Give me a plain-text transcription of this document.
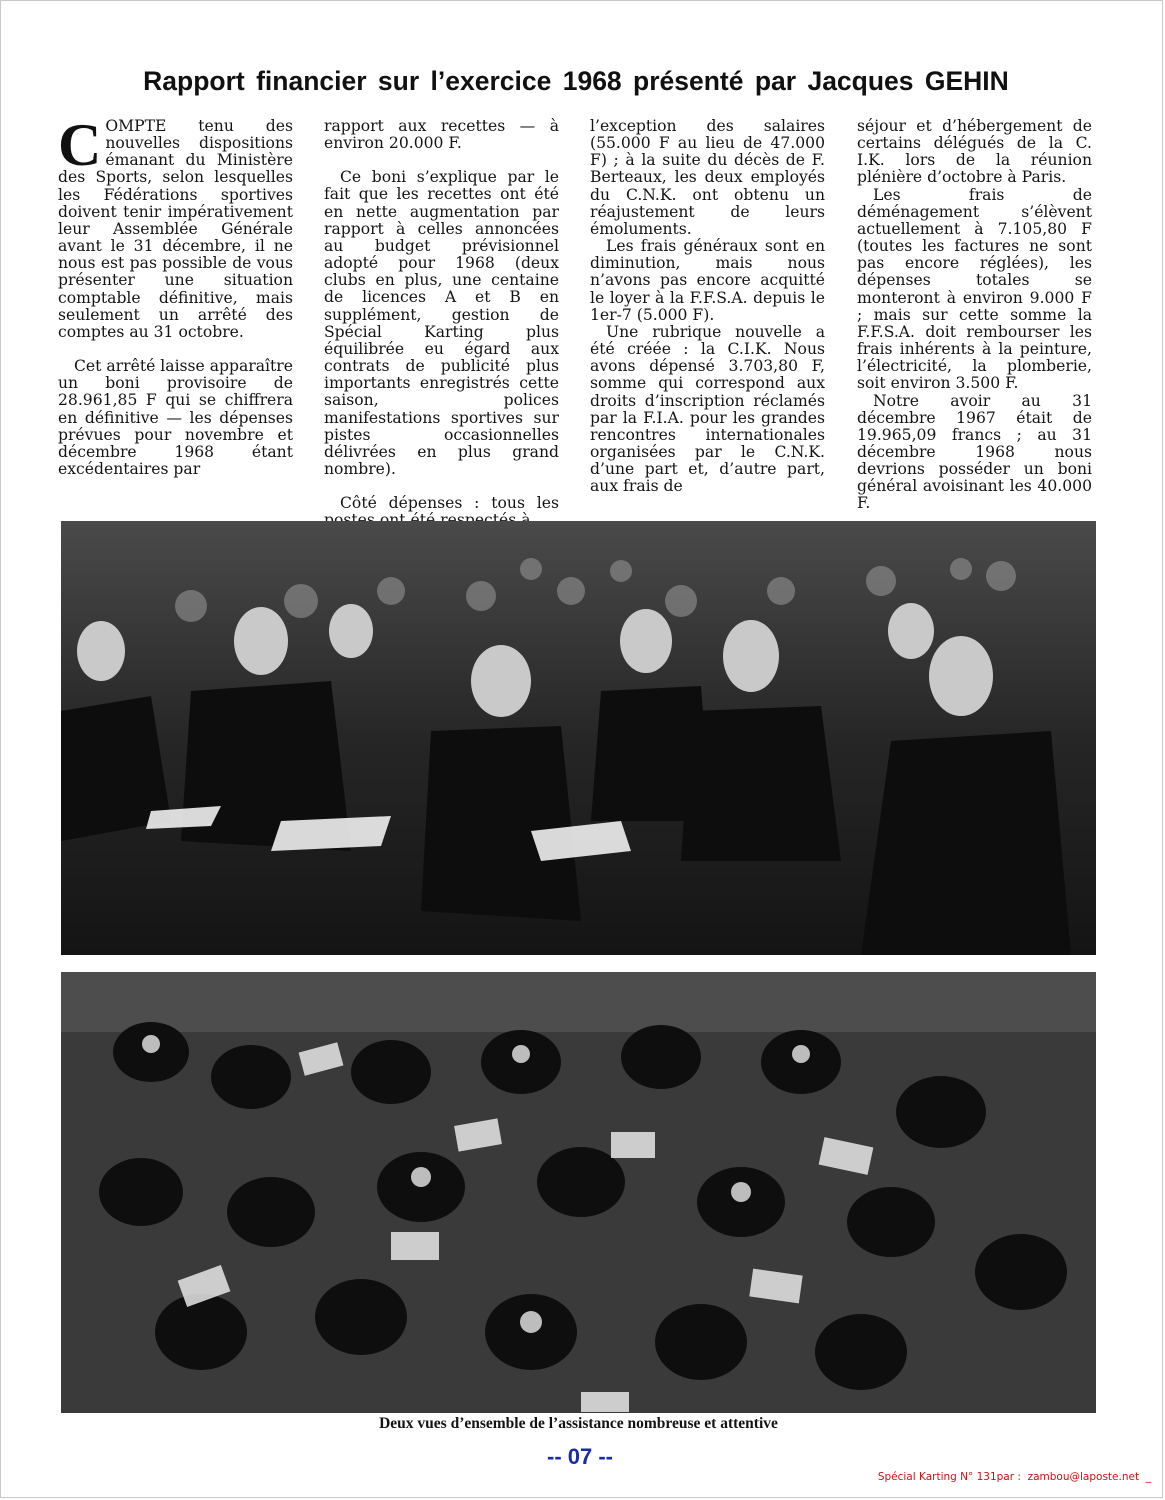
Rapport financier sur l’exercice 1968 présenté par Jacques GEHIN

COMPTE tenu des nouvelles dispositions émanant du Ministère des Sports, selon lesquelles les Fédérations sportives doivent tenir impérativement leur Assemblée Générale avant le 31 décembre, il ne nous est pas possible de vous présenter une situation comptable définitive, mais seulement un arrêté des comptes au 31 octobre.

Cet arrêté laisse apparaître un boni provisoire de 28.961,85 F qui se chiffrera en définitive — les dépenses prévues pour novembre et décembre 1968 étant excédentaires par

rapport aux recettes — à environ 20.000 F.

Ce boni s’explique par le fait que les recettes ont été en nette augmentation par rapport à celles annoncées au budget prévisionnel adopté pour 1968 (deux clubs en plus, une centaine de licences A et B en supplément, gestion de Spécial Karting plus équilibrée eu égard aux contrats de publicité plus importants enregistrés cette saison, polices manifestations sportives sur pistes occasionnelles délivrées en plus grand nombre).

Côté dépenses : tous les

l’exception des salaires (55.000 F au lieu de 47.000 F) ; à la suite du décès de F. Berteaux, les deux employés du C.N.K. ont obtenu un réajustement de leurs émoluments.

Les frais généraux sont en diminution, mais nous n’avons pas encore acquitté le loyer à la F.F.S.A. depuis le 1er-7 (5.000 F).

Une rubrique nouvelle a été créée : la C.I.K. Nous avons dépensé 3.703,80 F, somme qui correspond aux droits d’inscription réclamés par la F.I.A. pour les grandes rencontres internationales organisées par le C.N.K. d’une part et, d’autre part, aux frais de

séjour et d’hébergement de certains délégués de la C. I.K. lors de la réunion plénière d’octobre à Paris.

Les frais de déménagement s’élèvent actuellement à 7.105,80 F (toutes les factures ne sont pas encore réglées), les dépenses totales se monteront à environ 9.000 F ; mais sur cette somme la F.F.S.A. doit rembourser les frais inhérents à la peinture, l’électricité, la plomberie, soit environ 3.500 F.

Notre avoir au 31 décembre 1967 était de 19.965,09 francs ; au 31 décembre 1968 nous devrions posséder un boni général avoisinant les 40.000 F.

Deux vues d’ensemble de l’assistance nombreuse et attentive

-- 07 --

Spécial Karting N° 131par :  zambou@laposte.net  _
